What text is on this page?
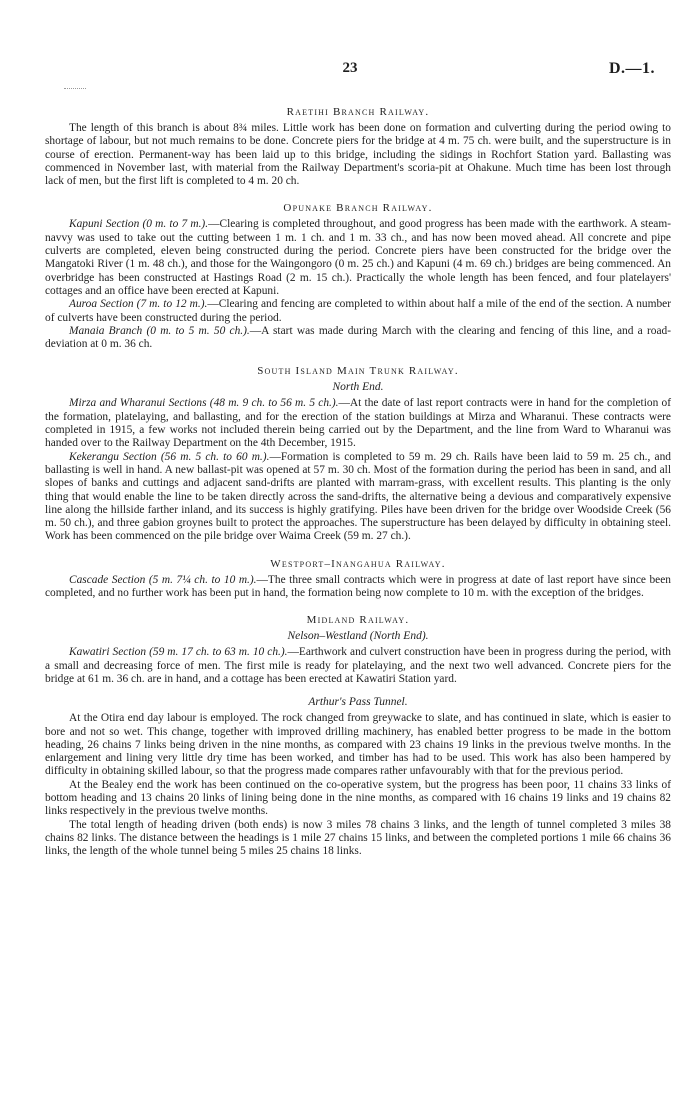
23	D.—1.
Raetihi Branch Railway.

The length of this branch is about 8¾ miles. Little work has been done on formation and culverting during the period owing to shortage of labour, but not much remains to be done. Concrete piers for the bridge at 4 m. 75 ch. were built, and the superstructure is in course of erection. Permanent-way has been laid up to this bridge, including the sidings in Rochfort Station yard. Ballasting was commenced in November last, with material from the Railway Department's scoria-pit at Ohakune. Much time has been lost through lack of men, but the first lift is completed to 4 m. 20 ch.

Opunake Branch Railway.

Kapuni Section (0 m. to 7 m.).—Clearing is completed throughout, and good progress has been made with the earthwork. A steam-navvy was used to take out the cutting between 1 m. 1 ch. and 1 m. 33 ch., and has now been moved ahead. All concrete and pipe culverts are completed, eleven being constructed during the period. Concrete piers have been constructed for the bridge over the Mangatoki River (1 m. 48 ch.), and those for the Waingongoro (0 m. 25 ch.) and Kapuni (4 m. 69 ch.) bridges are being commenced. An overbridge has been constructed at Hastings Road (2 m. 15 ch.). Practically the whole length has been fenced, and four platelayers' cottages and an office have been erected at Kapuni.

Auroa Section (7 m. to 12 m.).—Clearing and fencing are completed to within about half a mile of the end of the section. A number of culverts have been constructed during the period.

Manaia Branch (0 m. to 5 m. 50 ch.).—A start was made during March with the clearing and fencing of this line, and a road-deviation at 0 m. 36 ch.

South Island Main Trunk Railway.
North End.

Mirza and Wharanui Sections (48 m. 9 ch. to 56 m. 5 ch.).—At the date of last report contracts were in hand for the completion of the formation, platelaying, and ballasting, and for the erection of the station buildings at Mirza and Wharanui. These contracts were completed in 1915, a few works not included therein being carried out by the Department, and the line from Ward to Wharanui was handed over to the Railway Department on the 4th December, 1915.

Kekerangu Section (56 m. 5 ch. to 60 m.).—Formation is completed to 59 m. 29 ch. Rails have been laid to 59 m. 25 ch., and ballasting is well in hand. A new ballast-pit was opened at 57 m. 30 ch. Most of the formation during the period has been in sand, and all slopes of banks and cuttings and adjacent sand-drifts are planted with marram-grass, with excellent results. This planting is the only thing that would enable the line to be taken directly across the sand-drifts, the alternative being a devious and comparatively expensive line along the hillside farther inland, and its success is highly gratifying. Piles have been driven for the bridge over Woodside Creek (56 m. 50 ch.), and three gabion groynes built to protect the approaches. The superstructure has been delayed by difficulty in obtaining steel. Work has been commenced on the pile bridge over Waima Creek (59 m. 27 ch.).

Westport–Inangahua Railway.

Cascade Section (5 m. 7¼ ch. to 10 m.).—The three small contracts which were in progress at date of last report have since been completed, and no further work has been put in hand, the formation being now complete to 10 m. with the exception of the bridges.

Midland Railway.
Nelson–Westland (North End).

Kawatiri Section (59 m. 17 ch. to 63 m. 10 ch.).—Earthwork and culvert construction have been in progress during the period, with a small and decreasing force of men. The first mile is ready for platelaying, and the next two well advanced. Concrete piers for the bridge at 61 m. 36 ch. are in hand, and a cottage has been erected at Kawatiri Station yard.

Arthur's Pass Tunnel.

At the Otira end day labour is employed. The rock changed from greywacke to slate, and has continued in slate, which is easier to bore and not so wet. This change, together with improved drilling machinery, has enabled better progress to be made in the bottom heading, 26 chains 7 links being driven in the nine months, as compared with 23 chains 19 links in the previous twelve months. In the enlargement and lining very little dry time has been worked, and timber has had to be used. This work has also been hampered by difficulty in obtaining skilled labour, so that the progress made compares rather unfavourably with that for the previous period.

At the Bealey end the work has been continued on the co-operative system, but the progress has been poor, 11 chains 33 links of bottom heading and 13 chains 20 links of lining being done in the nine months, as compared with 16 chains 19 links and 19 chains 82 links respectively in the previous twelve months.

The total length of heading driven (both ends) is now 3 miles 78 chains 3 links, and the length of tunnel completed 3 miles 38 chains 82 links. The distance between the headings is 1 mile 27 chains 15 links, and between the completed portions 1 mile 66 chains 36 links, the length of the whole tunnel being 5 miles 25 chains 18 links.
